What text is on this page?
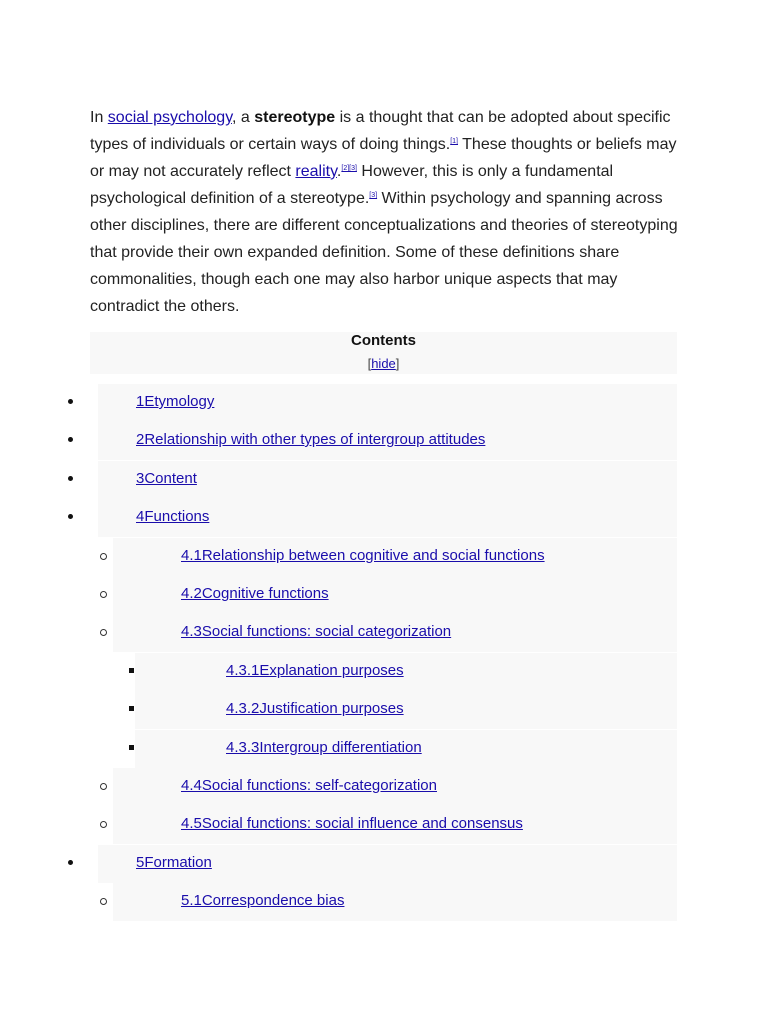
In social psychology, a stereotype is a thought that can be adopted about specific types of individuals or certain ways of doing things.[1] These thoughts or beliefs may or may not accurately reflect reality.[2][3] However, this is only a fundamental psychological definition of a stereotype.[3] Within psychology and spanning across other disciplines, there are different conceptualizations and theories of stereotyping that provide their own expanded definition. Some of these definitions share commonalities, though each one may also harbor unique aspects that may contradict the others.

Contents
[hide]
1Etymology
2Relationship with other types of intergroup attitudes
3Content
4Functions
4.1Relationship between cognitive and social functions
4.2Cognitive functions
4.3Social functions: social categorization
4.3.1Explanation purposes
4.3.2Justification purposes
4.3.3Intergroup differentiation
4.4Social functions: self-categorization
4.5Social functions: social influence and consensus
5Formation
5.1Correspondence bias
